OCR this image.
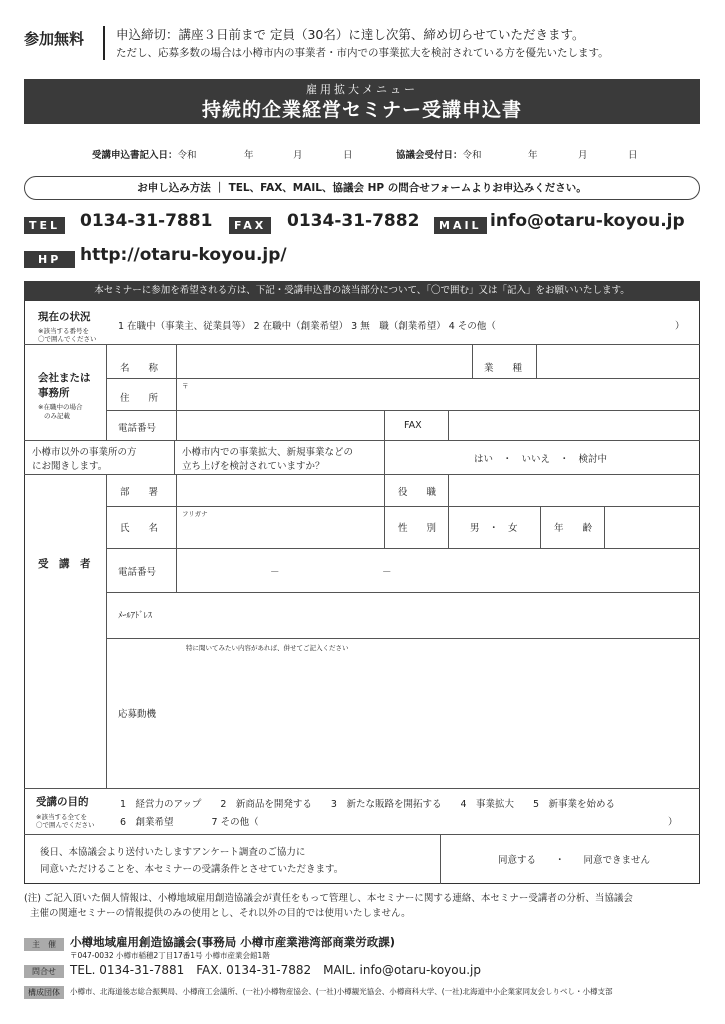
参加無料	申込締切：講座３日前まで 定員（30名）に達し次第、締め切らせていただきます。
ただし、応募多数の場合は小樽市内の事業者・市内での事業拡大を検討されている方を優先いたします。
雇用拡大メニュー
持続的企業経営セミナー受講申込書
受講申込書記入日：令和	年	月	日	協議会受付日：令和	年	月	日
お申し込み方法 ｜ TEL、FAX、MAIL、協議会 HP の問合せフォームよりお申込みください。
TEL 0134-31-7881	FAX 0134-31-7882	MAIL info@otaru-koyou.jp
HP	http://otaru-koyou.jp/
本セミナーに参加を希望される方は、下記・受講申込書の該当部分について、「〇で囲む」又は「記入」をお願いいたします。
現在の状況
※該当する番号を
〇で囲んでください
1 在職中（事業主、従業員等） 2 在職中（創業希望） 3 無　職（創業希望） 4 その他（	）
会社または
事務所
※在職中の場合
のみ記載
名　　称	業　　種
住　　所
〒
電話番号	FAX
小樽市以外の事業所の方
にお聞きします。
小樽市内での事業拡大、新規事業などの
立ち上げを検討されていますか？
はい　・　いいえ　・　検討中
受　講　者
部　　署	役　　職
フリガナ
氏　　名	性　　別	男　・　女	年　　齢
電話番号	－	－
ﾒｰﾙｱﾄﾞﾚｽ
特に聞いてみたい内容があれば、併せてご記入ください
応募動機
受講の目的
※該当する全てを
〇で囲んでください
1　経営力のアップ　　2　新商品を開発する　　3　新たな販路を開拓する　　4　事業拡大　　5　新事業を始める
6　創業希望　　　　7 その他（	）
後日、本協議会より送付いたしますアンケート調査のご協力に
同意いただけることを、本セミナーの受講条件とさせていただきます。
同意する　　・　　同意できません
(注) ご記入頂いた個人情報は、小樽地域雇用創造協議会が責任をもって管理し、本セミナーに関する連絡、本セミナー受講者の分析、当協議会
主催の関連セミナーの情報提供のみの使用とし、それ以外の目的では使用いたしません。
主　催	小樽地域雇用創造協議会(事務局 小樽市産業港湾部商業労政課)
〒047-0032 小樽市稲穂2丁目17番1号 小樽市産業会館1階
問合せ	TEL. 0134-31-7881　FAX. 0134-31-7882　MAIL. info@otaru-koyou.jp
構成団体	小樽市、北海道後志総合振興局、小樽商工会議所、(一社)小樽物産協会、(一社)小樽観光協会、小樽商科大学、(一社)北海道中小企業家同友会しりべし・小樽支部
